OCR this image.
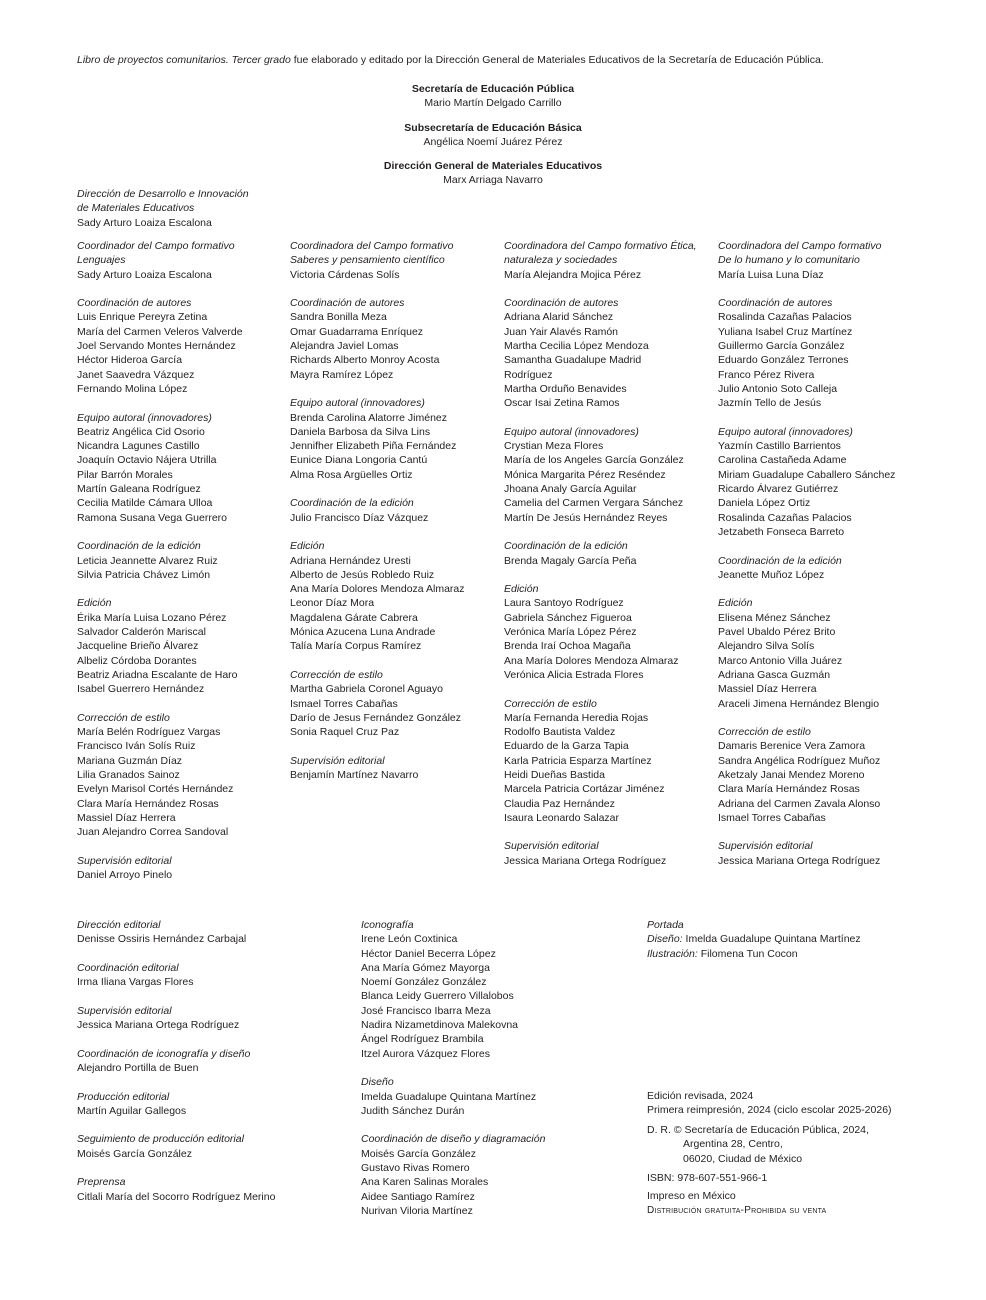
Libro de proyectos comunitarios. Tercer grado fue elaborado y editado por la Dirección General de Materiales Educativos de la Secretaría de Educación Pública.
Secretaría de Educación Pública
Mario Martín Delgado Carrillo
Subsecretaría de Educación Básica
Angélica Noemí Juárez Pérez
Dirección General de Materiales Educativos
Marx Arriaga Navarro
Dirección de Desarrollo e Innovación
de Materiales Educativos
Sady Arturo Loaiza Escalona
Coordinador del Campo formativo
Lenguajes
Sady Arturo Loaiza Escalona
Coordinación de autores
Luis Enrique Pereyra Zetina
María del Carmen Veleros Valverde
Joel Servando Montes Hernández
Héctor Hideroa García
Janet Saavedra Vázquez
Fernando Molina López
Equipo autoral (innovadores)
Beatriz Angélica Cid Osorio
Nicandra Lagunes Castillo
Joaquín Octavio Nájera Utrilla
Pilar Barrón Morales
Martín Galeana Rodríguez
Cecilia Matilde Cámara Ulloa
Ramona Susana Vega Guerrero
Coordinación de la edición
Leticia Jeannette Alvarez Ruiz
Silvia Patricia Chávez Limón
Edición
Érika María Luisa Lozano Pérez
Salvador Calderón Mariscal
Jacqueline Brieño Álvarez
Albeliz Córdoba Dorantes
Beatriz Ariadna Escalante de Haro
Isabel Guerrero Hernández
Corrección de estilo
María Belén Rodríguez Vargas
Francisco Iván Solís Ruiz
Mariana Guzmán Díaz
Lilia Granados Sainoz
Evelyn Marisol Cortés Hernández
Clara María Hernández Rosas
Massiel Díaz Herrera
Juan Alejandro Correa Sandoval
Supervisión editorial
Daniel Arroyo Pinelo
Coordinadora del Campo formativo
Saberes y pensamiento científico
Victoria Cárdenas Solís
Coordinación de autores
Sandra Bonilla Meza
Omar Guadarrama Enríquez
Alejandra Javiel Lomas
Richards Alberto Monroy Acosta
Mayra Ramírez López
Equipo autoral (innovadores)
Brenda Carolina Alatorre Jiménez
Daniela Barbosa da Silva Lins
Jennifher Elizabeth Piña Fernández
Eunice Diana Longoria Cantú
Alma Rosa Argüelles Ortiz
Coordinación de la edición
Julio Francisco Díaz Vázquez
Edición
Adriana Hernández Uresti
Alberto de Jesús Robledo Ruiz
Ana María Dolores Mendoza Almaraz
Leonor Díaz Mora
Magdalena Gárate Cabrera
Mónica Azucena Luna Andrade
Talía María Corpus Ramírez
Corrección de estilo
Martha Gabriela Coronel Aguayo
Ismael Torres Cabañas
Darío de Jesus Fernández González
Sonia Raquel Cruz Paz
Supervisión editorial
Benjamín Martínez Navarro
Coordinadora del Campo formativo Ética,
naturaleza y sociedades
María Alejandra Mojica Pérez
Coordinación de autores
Adriana Alarid Sánchez
Juan Yair Alavés Ramón
Martha Cecilia López Mendoza
Samantha Guadalupe Madrid
Rodríguez
Martha Orduño Benavides
Oscar Isai Zetina Ramos
Equipo autoral (innovadores)
Crystian Meza Flores
María de los Angeles García González
Mónica Margarita Pérez Reséndez
Jhoana Analy García Aguilar
Camelia del Carmen Vergara Sánchez
Martín De Jesús Hernández Reyes
Coordinación de la edición
Brenda Magaly García Peña
Edición
Laura Santoyo Rodríguez
Gabriela Sánchez Figueroa
Verónica María López Pérez
Brenda Iraí Ochoa Magaña
Ana María Dolores Mendoza Almaraz
Verónica Alicia Estrada Flores
Corrección de estilo
María Fernanda Heredia Rojas
Rodolfo Bautista Valdez
Eduardo de la Garza Tapia
Karla Patricia Esparza Martínez
Heidi Dueñas Bastida
Marcela Patricia Cortázar Jiménez
Claudia Paz Hernández
Isaura Leonardo Salazar
Supervisión editorial
Jessica Mariana Ortega Rodríguez
Coordinadora del Campo formativo
De lo humano y lo comunitario
María Luisa Luna Díaz
Coordinación de autores
Rosalinda Cazañas Palacios
Yuliana Isabel Cruz Martínez
Guillermo García González
Eduardo González Terrones
Franco Pérez Rivera
Julio Antonio Soto Calleja
Jazmín Tello de Jesús
Equipo autoral (innovadores)
Yazmín Castillo Barrientos
Carolina Castañeda Adame
Miriam Guadalupe Caballero Sánchez
Ricardo Álvarez Gutiérrez
Daniela López Ortiz
Rosalinda Cazañas Palacios
Jetzabeth Fonseca Barreto
Coordinación de la edición
Jeanette Muñoz López
Edición
Elisena Ménez Sánchez
Pavel Ubaldo Pérez Brito
Alejandro Silva Solís
Marco Antonio Villa Juárez
Adriana Gasca Guzmán
Massiel Díaz Herrera
Araceli Jimena Hernández Blengio
Corrección de estilo
Damaris Berenice Vera Zamora
Sandra Angélica Rodríguez Muñoz
Aketzaly Janai Mendez Moreno
Clara María Hernández Rosas
Adriana del Carmen Zavala Alonso
Ismael Torres Cabañas
Supervisión editorial
Jessica Mariana Ortega Rodríguez
Dirección editorial
Denisse Ossiris Hernández Carbajal
Coordinación editorial
Irma Iliana Vargas Flores
Supervisión editorial
Jessica Mariana Ortega Rodríguez
Coordinación de iconografía y diseño
Alejandro Portilla de Buen
Producción editorial
Martín Aguilar Gallegos
Seguimiento de producción editorial
Moisés García González
Preprensa
Citlali María del Socorro Rodríguez Merino
Iconografía
Irene León Coxtinica
Héctor Daniel Becerra López
Ana María Gómez Mayorga
Noemí González González
Blanca Leidy Guerrero Villalobos
José Francisco Ibarra Meza
Nadira Nizametdinova Malekovna
Ángel Rodríguez Brambila
Itzel Aurora Vázquez Flores
Diseño
Imelda Guadalupe Quintana Martínez
Judith Sánchez Durán
Coordinación de diseño y diagramación
Moisés García González
Gustavo Rivas Romero
Ana Karen Salinas Morales
Aidee Santiago Ramírez
Nurivan Viloria Martínez
Portada
Diseño: Imelda Guadalupe Quintana Martínez
Ilustración: Filomena Tun Cocon
Edición revisada, 2024
Primera reimpresión, 2024 (ciclo escolar 2025-2026)
D. R. © Secretaría de Educación Pública, 2024,
Argentina 28, Centro,
06020, Ciudad de México
ISBN: 978-607-551-966-1
Impreso en México
Distribución gratuita-Prohibida su venta
